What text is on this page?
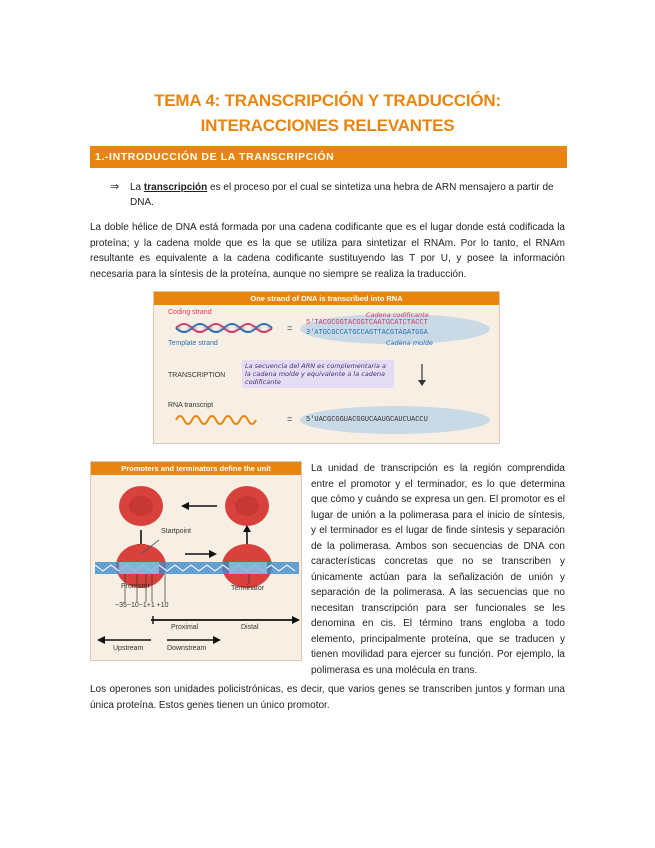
TEMA 4: TRANSCRIPCIÓN Y TRADUCCIÓN: INTERACCIONES RELEVANTES
1.-INTRODUCCIÓN DE LA TRANSCRIPCIÓN
⇒ La transcripción es el proceso por el cual se sintetiza una hebra de ARN mensajero a partir de DNA.
La doble hélice de DNA está formada por una cadena codificante que es el lugar donde está codificada la proteína; y la cadena molde que es la que se utiliza para sintetizar el RNAm. Por lo tanto, el RNAm resultante es equivalente a la cadena codificante sustituyendo las T por U, y posee la información necesaria para la síntesis de la proteína, aunque no siempre se realiza la traducción.
One strand of DNA is transcribed into RNA
Coding strand
Template strand
=
Cadena codificante
5'TACGCGGTACGGTCAATGCATCTACCT
3'ATGCGCCATGCCAGTTACGTAGATGGA
Cadena molde
TRANSCRIPTION
La secuencia del ARN es complementaria a la cadena molde y equivalente a la cadena codificante
RNA transcript
= 5'UACGCGGUACGGUCAAUGCAUCUACCU
Promoters and terminators define the unit
Startpoint
Promoter	Terminator
−35−10−1+1 +10
Proximal	Distal
Upstream	Downstream
La unidad de transcripción es la región comprendida entre el promotor y el terminador, es lo que determina que cómo y cuándo se expresa un gen. El promotor es el lugar de unión a la polimerasa para el inicio de síntesis, y el terminador es el lugar de finde síntesis y separación de la polimerasa. Ambos son secuencias de DNA con características concretas que no se transcriben y únicamente actúan para la señalización de unión y separación de la polimerasa. A las secuencias que no necesitan transcripción para ser funcionales se les denomina en cis. El término trans engloba a todo elemento, principalmente proteína, que se traducen y tienen movilidad para ejercer su función. Por ejemplo, la polimerasa es una molécula en trans.
Los operones son unidades policistrónicas, es decir, que varios genes se transcriben juntos y forman una única proteína. Estos genes tienen un único promotor.
